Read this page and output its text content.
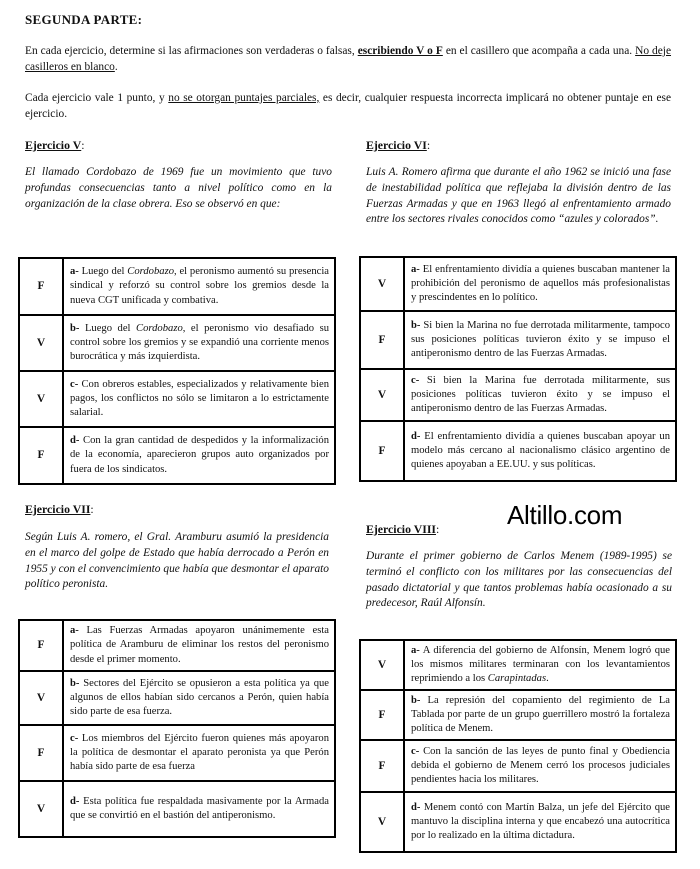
SEGUNDA PARTE:
En cada ejercicio, determine si las afirmaciones son verdaderas o falsas, escribiendo V o F en el casillero que acompaña a cada una. No deje casilleros en blanco.
Cada ejercicio vale 1 punto, y no se otorgan puntajes parciales, es decir, cualquier respuesta incorrecta implicará no obtener puntaje en ese ejercicio.
Ejercicio V:
El llamado Cordobazo de 1969 fue un movimiento que tuvo profundas consecuencias tanto a nivel político como en la organización de la clase obrera. Eso se observó en que:
F	a- Luego del Cordobazo, el peronismo aumentó su presencia sindical y reforzó su control sobre los gremios desde la nueva CGT unificada y combativa.
V	b- Luego del Cordobazo, el peronismo vio desafiado su control sobre los gremios y se expandió una corriente menos burocrática y más izquierdista.
V	c- Con obreros estables, especializados y relativamente bien pagos, los conflictos no sólo se limitaron a lo estrictamente salarial.
F	d- Con la gran cantidad de despedidos y la informalización de la economía, aparecieron grupos auto organizados por fuera de los sindicatos.
Ejercicio VI:
Luis A. Romero afirma que durante el año 1962 se inició una fase de inestabilidad política que reflejaba la división dentro de las Fuerzas Armadas y que en 1963 llegó al enfrentamiento armado entre los sectores rivales conocidos como “azules y colorados”.
V	a- El enfrentamiento dividía a quienes buscaban mantener la prohibición del peronismo de aquellos más profesionalistas y prescindentes en lo político.
F	b- Si bien la Marina no fue derrotada militarmente, tampoco sus posiciones políticas tuvieron éxito y se impuso el antiperonismo dentro de las Fuerzas Armadas.
V	c- Si bien la Marina fue derrotada militarmente, sus posiciones políticas tuvieron éxito y se impuso el antiperonismo dentro de las Fuerzas Armadas.
F	d- El enfrentamiento dividía a quienes buscaban apoyar un modelo más cercano al nacionalismo clásico argentino de quienes apoyaban a EE.UU. y sus políticas.
Altillo.com
Ejercicio VII:
Según Luis A. romero, el Gral. Aramburu asumió la presidencia en el marco del golpe de Estado que había derrocado a Perón en 1955 y con el convencimiento que había que desmontar el aparato político peronista.
F	a- Las Fuerzas Armadas apoyaron unánimemente esta política de Aramburu de eliminar los restos del peronismo desde el primer momento.
V	b- Sectores del Ejército se opusieron a esta política ya que algunos de ellos habían sido cercanos a Perón, quien había sido parte de esa fuerza.
F	c- Los miembros del Ejército fueron quienes más apoyaron la política de desmontar el aparato peronista ya que Perón había sido parte de esa fuerza
V	d- Esta política fue respaldada masivamente por la Armada que se convirtió en el bastión del antiperonismo.
Ejercicio VIII:
Durante el primer gobierno de Carlos Menem (1989-1995) se terminó el conflicto con los militares por las consecuencias del pasado dictatorial y que tantos problemas había ocasionado a su predecesor, Raúl Alfonsín.
V	a- A diferencia del gobierno de Alfonsín, Menem logró que los mismos militares terminaran con los levantamientos reprimiendo a los Carapintadas.
F	b- La represión del copamiento del regimiento de La Tablada por parte de un grupo guerrillero mostró la fortaleza política de Menem.
F	c- Con la sanción de las leyes de punto final y Obediencia debida el gobierno de Menem cerró los procesos judiciales pendientes hacia los militares.
V	d- Menem contó con Martín Balza, un jefe del Ejército que mantuvo la disciplina interna y que encabezó una autocrítica por lo realizado en la última dictadura.
